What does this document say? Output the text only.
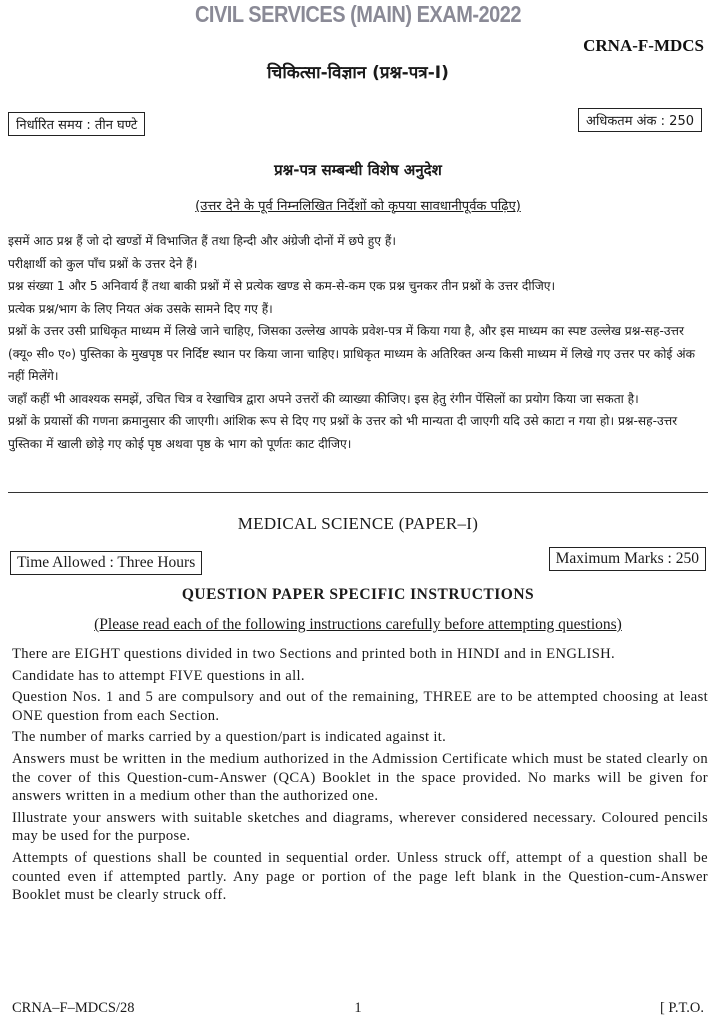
CIVIL SERVICES (MAIN) EXAM-2022
CRNA-F-MDCS
चिकित्सा-विज्ञान (प्रश्न-पत्र-I)
निर्धारित समय : तीन घण्टे	अधिकतम अंक : 250
प्रश्न-पत्र सम्बन्धी विशेष अनुदेश
(उत्तर देने के पूर्व निम्नलिखित निर्देशों को कृपया सावधानीपूर्वक पढ़िए)

इसमें आठ प्रश्न हैं जो दो खण्डों में विभाजित हैं तथा हिन्दी और अंग्रेजी दोनों में छपे हुए हैं।

परीक्षार्थी को कुल पाँच प्रश्नों के उत्तर देने हैं।

प्रश्न संख्या 1 और 5 अनिवार्य हैं तथा बाकी प्रश्नों में से प्रत्येक खण्ड से कम-से-कम एक प्रश्न चुनकर तीन प्रश्नों के उत्तर दीजिए।

प्रत्येक प्रश्न/भाग के लिए नियत अंक उसके सामने दिए गए हैं।

प्रश्नों के उत्तर उसी प्राधिकृत माध्यम में लिखे जाने चाहिए, जिसका उल्लेख आपके प्रवेश-पत्र में किया गया है, और इस माध्यम का स्पष्ट उल्लेख प्रश्न-सह-उत्तर (क्यू० सी० ए०) पुस्तिका के मुखपृष्ठ पर निर्दिष्ट स्थान पर किया जाना चाहिए। प्राधिकृत माध्यम के अतिरिक्त अन्य किसी माध्यम में लिखे गए उत्तर पर कोई अंक नहीं मिलेंगे।

जहाँ कहीं भी आवश्यक समझें, उचित चित्र व रेखाचित्र द्वारा अपने उत्तरों की व्याख्या कीजिए। इस हेतु रंगीन पेंसिलों का प्रयोग किया जा सकता है।

प्रश्नों के प्रयासों की गणना क्रमानुसार की जाएगी। आंशिक रूप से दिए गए प्रश्नों के उत्तर को भी मान्यता दी जाएगी यदि उसे काटा न गया हो। प्रश्न-सह-उत्तर पुस्तिका में खाली छोड़े गए कोई पृष्ठ अथवा पृष्ठ के भाग को पूर्णतः काट दीजिए।

MEDICAL SCIENCE (PAPER–I)
Time Allowed : Three Hours	Maximum Marks : 250
QUESTION PAPER SPECIFIC INSTRUCTIONS
(Please read each of the following instructions carefully before attempting questions)

There are EIGHT questions divided in two Sections and printed both in HINDI and in ENGLISH.

Candidate has to attempt FIVE questions in all.

Question Nos. 1 and 5 are compulsory and out of the remaining, THREE are to be attempted choosing at least ONE question from each Section.

The number of marks carried by a question/part is indicated against it.

Answers must be written in the medium authorized in the Admission Certificate which must be stated clearly on the cover of this Question-cum-Answer (QCA) Booklet in the space provided. No marks will be given for answers written in a medium other than the authorized one.

Illustrate your answers with suitable sketches and diagrams, wherever considered necessary. Coloured pencils may be used for the purpose.

Attempts of questions shall be counted in sequential order. Unless struck off, attempt of a question shall be counted even if attempted partly. Any page or portion of the page left blank in the Question-cum-Answer Booklet must be clearly struck off.

CRNA–F–MDCS/28	1	[ P.T.O.
